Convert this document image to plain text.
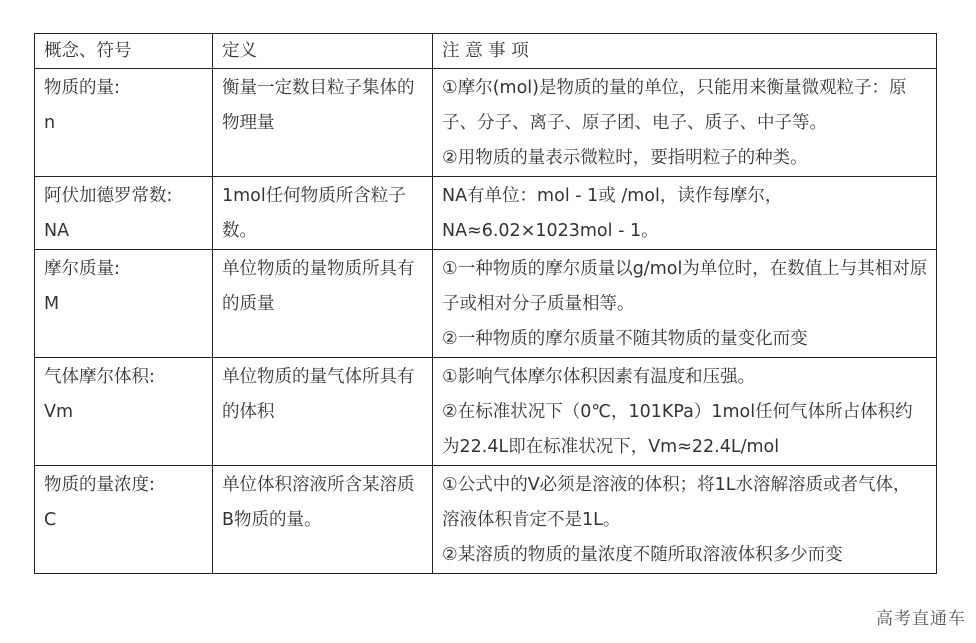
概念、符号	定义	注 意 事 项

物质的量:
n	衡量一定数目粒子集体的物理量	①摩尔(mol)是物质的量的单位，只能用来衡量微观粒子：原子、分子、离子、原子团、电子、质子、中子等。
②用物质的量表示微粒时，要指明粒子的种类。

阿伏加德罗常数:
NA	1mol任何物质所含粒子数。	NA有单位：mol - 1或 /mol，读作每摩尔，
NA≈6.02×1023mol - 1。

摩尔质量:
M	单位物质的量物质所具有的质量	①一种物质的摩尔质量以g/mol为单位时，在数值上与其相对原子或相对分子质量相等。
②一种物质的摩尔质量不随其物质的量变化而变

气体摩尔体积:
Vm	单位物质的量气体所具有的体积	①影响气体摩尔体积因素有温度和压强。
②在标准状况下（0℃，101KPa）1mol任何气体所占体积约为22.4L即在标准状况下，Vm≈22.4L/mol

物质的量浓度:
C	单位体积溶液所含某溶质B物质的量。	①公式中的V必须是溶液的体积；将1L水溶解溶质或者气体，溶液体积肯定不是1L。
②某溶质的物质的量浓度不随所取溶液体积多少而变
高考直通车
